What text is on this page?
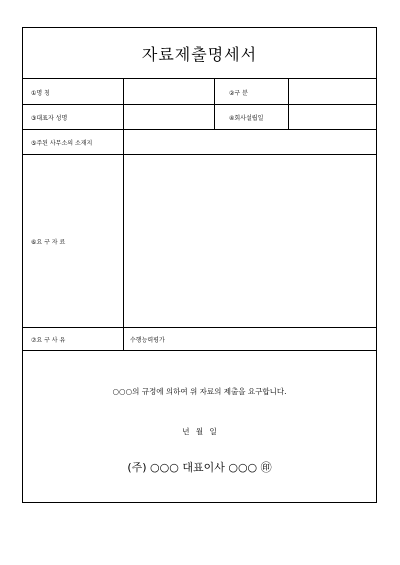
자료제출명세서
①명 칭	②구 분
③대표자 성명	④회사설립일
⑤주된 사무소의 소재지
⑥요 구 자 료
⑦요 구 사 유	수행능력평가
○○○의 규정에 의하여 위 자료의 제출을 요구합니다.
년 월 일
(주) ○○○ 대표이사 ○○○ ㊞
